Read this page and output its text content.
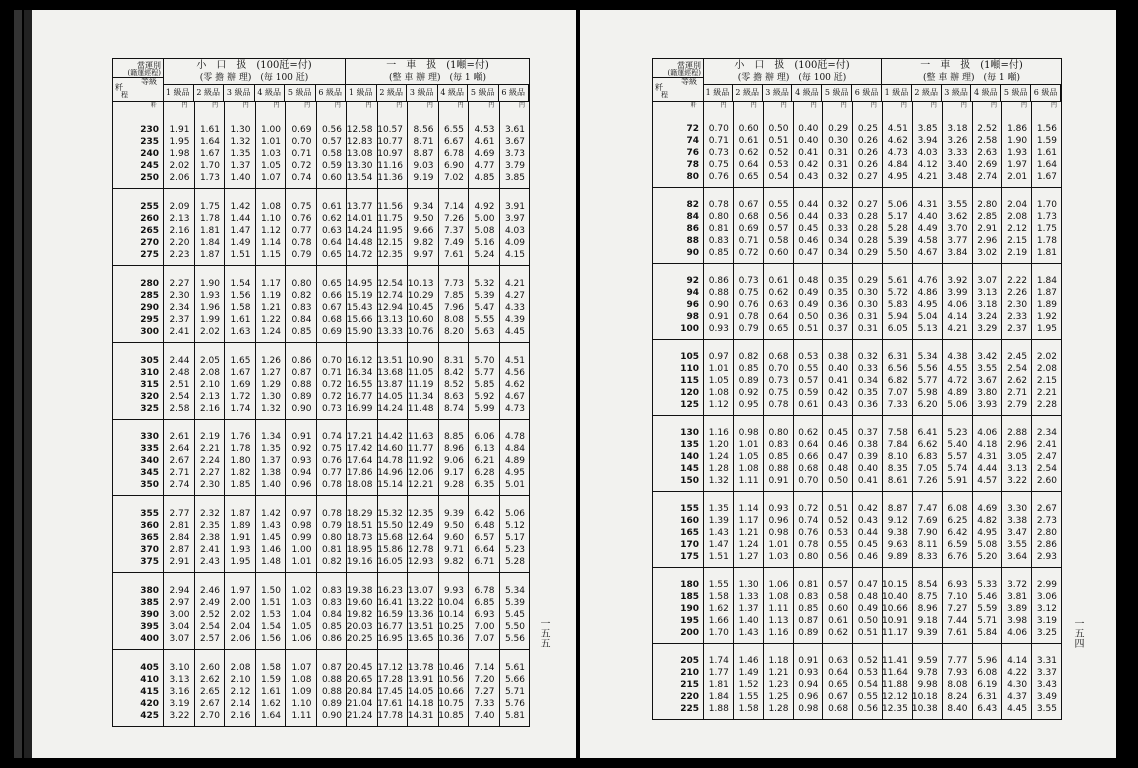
當運別
(籍運經程)
等級
粁
程
小　口　扱　(100瓩=付)
(零 擔 辦 理)　(毎 100 瓩)
一　車　扱　(1噸=付)
(整 車 辦 理)　(毎 1 噸)
1 級品 2 級品 3 級品 4 級品 5 級品 6 級品 1 級品 2 級品 3 級品 4 級品 5 級品 6 級品
粁	円	円	円	円	円	円	円	円	円	円	円	円
230	1.91	1.61	1.30	1.00	0.69	0.56 12.58 10.57	8.56	6.55	4.53	3.61
235	1.95	1.64	1.32	1.01	0.70	0.57 12.83 10.77	8.71	6.67	4.61	3.67
240	1.98	1.67	1.35	1.03	0.71	0.58 13.08 10.97	8.87	6.78	4.69	3.73
245	2.02	1.70	1.37	1.05	0.72	0.59 13.30 11.16	9.03	6.90	4.77	3.79
250	2.06	1.73	1.40	1.07	0.74	0.60 13.54 11.36	9.19	7.02	4.85	3.85
255	2.09	1.75	1.42	1.08	0.75	0.61 13.77 11.56	9.34	7.14	4.92	3.91
260	2.13	1.78	1.44	1.10	0.76	0.62 14.01 11.75	9.50	7.26	5.00	3.97
265	2.16	1.81	1.47	1.12	0.77	0.63 14.24 11.95	9.66	7.37	5.08	4.03
270	2.20	1.84	1.49	1.14	0.78	0.64 14.48 12.15	9.82	7.49	5.16	4.09
275	2.23	1.87	1.51	1.15	0.79	0.65 14.72 12.35	9.97	7.61	5.24	4.15
280	2.27	1.90	1.54	1.17	0.80	0.65 14.95 12.54 10.13	7.73	5.32	4.21
285	2.30	1.93	1.56	1.19	0.82	0.66 15.19 12.74 10.29	7.85	5.39	4.27
290	2.34	1.96	1.58	1.21	0.83	0.67 15.43 12.94 10.45	7.96	5.47	4.33
295	2.37	1.99	1.61	1.22	0.84	0.68 15.66 13.13 10.60	8.08	5.55	4.39
300	2.41	2.02	1.63	1.24	0.85	0.69 15.90 13.33 10.76	8.20	5.63	4.45
305	2.44	2.05	1.65	1.26	0.86	0.70 16.12 13.51 10.90	8.31	5.70	4.51
310	2.48	2.08	1.67	1.27	0.87	0.71 16.34 13.68 11.05	8.42	5.77	4.56
315	2.51	2.10	1.69	1.29	0.88	0.72 16.55 13.87 11.19	8.52	5.85	4.62
320	2.54	2.13	1.72	1.30	0.89	0.72 16.77 14.05 11.34	8.63	5.92	4.67
325	2.58	2.16	1.74	1.32	0.90	0.73 16.99 14.24 11.48	8.74	5.99	4.73
330	2.61	2.19	1.76	1.34	0.91	0.74 17.21 14.42 11.63	8.85	6.06	4.78
335	2.64	2.21	1.78	1.35	0.92	0.75 17.42 14.60 11.77	8.96	6.13	4.84
340	2.67	2.24	1.80	1.37	0.93	0.76 17.64 14.78 11.92	9.06	6.21	4.89
345	2.71	2.27	1.82	1.38	0.94	0.77 17.86 14.96 12.06	9.17	6.28	4.95
350	2.74	2.30	1.85	1.40	0.96	0.78 18.08 15.14 12.21	9.28	6.35	5.01
355	2.77	2.32	1.87	1.42	0.97	0.78 18.29 15.32 12.35	9.39	6.42	5.06
360	2.81	2.35	1.89	1.43	0.98	0.79 18.51 15.50 12.49	9.50	6.48	5.12
365	2.84	2.38	1.91	1.45	0.99	0.80 18.73 15.68 12.64	9.60	6.57	5.17
370	2.87	2.41	1.93	1.46	1.00	0.81 18.95 15.86 12.78	9.71	6.64	5.23
375	2.91	2.43	1.95	1.48	1.01	0.82 19.16 16.05 12.93	9.82	6.71	5.28
380	2.94	2.46	1.97	1.50	1.02	0.83 19.38 16.23 13.07	9.93	6.78	5.34
385	2.97	2.49	2.00	1.51	1.03	0.83 19.60 16.41 13.22 10.04	6.85	5.39
390	3.00	2.52	2.02	1.53	1.04	0.84 19.82 16.59 13.36 10.14	6.93	5.45
395	3.04	2.54	2.04	1.54	1.05	0.85 20.03 16.77 13.51 10.25	7.00	5.50
400	3.07	2.57	2.06	1.56	1.06	0.86 20.25 16.95 13.65 10.36	7.07	5.56
405	3.10	2.60	2.08	1.58	1.07	0.87 20.45 17.12 13.78 10.46	7.14	5.61
410	3.13	2.62	2.10	1.59	1.08	0.88 20.65 17.28 13.91 10.56	7.20	5.66
415	3.16	2.65	2.12	1.61	1.09	0.88 20.84 17.45 14.05 10.66	7.27	5.71
420	3.19	2.67	2.14	1.62	1.10	0.89 21.04 17.61 14.18 10.75	7.33	5.76
425	3.22	2.70	2.16	1.64	1.11	0.90 21.24 17.78 14.31 10.85	7.40	5.81
一五五
當運別
(籍運經程)
等級
粁
程
小　口　扱　(100瓩=付)
(零 擔 辦 理)　(毎 100 瓩)
一　車　扱　(1噸=付)
(整 車 辦 理)　(毎 1 噸)
1 級品 2 級品 3 級品 4 級品 5 級品 6 級品 1 級品 2 級品 3 級品 4 級品 5 級品 6 級品
粁	円	円	円	円	円	円	円	円	円	円	円	円
72	0.70	0.60	0.50	0.40	0.29	0.25	4.51	3.85	3.18	2.52	1.86	1.56
74	0.71	0.61	0.51	0.40	0.30	0.26	4.62	3.94	3.26	2.58	1.90	1.59
76	0.73	0.62	0.52	0.41	0.31	0.26	4.73	4.03	3.33	2.63	1.93	1.61
78	0.75	0.64	0.53	0.42	0.31	0.26	4.84	4.12	3.40	2.69	1.97	1.64
80	0.76	0.65	0.54	0.43	0.32	0.27	4.95	4.21	3.48	2.74	2.01	1.67
82	0.78	0.67	0.55	0.44	0.32	0.27	5.06	4.31	3.55	2.80	2.04	1.70
84	0.80	0.68	0.56	0.44	0.33	0.28	5.17	4.40	3.62	2.85	2.08	1.73
86	0.81	0.69	0.57	0.45	0.33	0.28	5.28	4.49	3.70	2.91	2.12	1.75
88	0.83	0.71	0.58	0.46	0.34	0.28	5.39	4.58	3.77	2.96	2.15	1.78
90	0.85	0.72	0.60	0.47	0.34	0.29	5.50	4.67	3.84	3.02	2.19	1.81
92	0.86	0.73	0.61	0.48	0.35	0.29	5.61	4.76	3.92	3.07	2.22	1.84
94	0.88	0.75	0.62	0.49	0.35	0.30	5.72	4.86	3.99	3.13	2.26	1.87
96	0.90	0.76	0.63	0.49	0.36	0.30	5.83	4.95	4.06	3.18	2.30	1.89
98	0.91	0.78	0.64	0.50	0.36	0.31	5.94	5.04	4.14	3.24	2.33	1.92
100	0.93	0.79	0.65	0.51	0.37	0.31	6.05	5.13	4.21	3.29	2.37	1.95
105	0.97	0.82	0.68	0.53	0.38	0.32	6.31	5.34	4.38	3.42	2.45	2.02
110	1.01	0.85	0.70	0.55	0.40	0.33	6.56	5.56	4.55	3.55	2.54	2.08
115	1.05	0.89	0.73	0.57	0.41	0.34	6.82	5.77	4.72	3.67	2.62	2.15
120	1.08	0.92	0.75	0.59	0.42	0.35	7.07	5.98	4.89	3.80	2.71	2.21
125	1.12	0.95	0.78	0.61	0.43	0.36	7.33	6.20	5.06	3.93	2.79	2.28
130	1.16	0.98	0.80	0.62	0.45	0.37	7.58	6.41	5.23	4.06	2.88	2.34
135	1.20	1.01	0.83	0.64	0.46	0.38	7.84	6.62	5.40	4.18	2.96	2.41
140	1.24	1.05	0.85	0.66	0.47	0.39	8.10	6.83	5.57	4.31	3.05	2.47
145	1.28	1.08	0.88	0.68	0.48	0.40	8.35	7.05	5.74	4.44	3.13	2.54
150	1.32	1.11	0.91	0.70	0.50	0.41	8.61	7.26	5.91	4.57	3.22	2.60
155	1.35	1.14	0.93	0.72	0.51	0.42	8.87	7.47	6.08	4.69	3.30	2.67
160	1.39	1.17	0.96	0.74	0.52	0.43	9.12	7.69	6.25	4.82	3.38	2.73
165	1.43	1.21	0.98	0.76	0.53	0.44	9.38	7.90	6.42	4.95	3.47	2.80
170	1.47	1.24	1.01	0.78	0.55	0.45	9.63	8.11	6.59	5.08	3.55	2.86
175	1.51	1.27	1.03	0.80	0.56	0.46	9.89	8.33	6.76	5.20	3.64	2.93
180	1.55	1.30	1.06	0.81	0.57	0.47 10.15	8.54	6.93	5.33	3.72	2.99
185	1.58	1.33	1.08	0.83	0.58	0.48 10.40	8.75	7.10	5.46	3.81	3.06
190	1.62	1.37	1.11	0.85	0.60	0.49 10.66	8.96	7.27	5.59	3.89	3.12
195	1.66	1.40	1.13	0.87	0.61	0.50 10.91	9.18	7.44	5.71	3.98	3.19
200	1.70	1.43	1.16	0.89	0.62	0.51 11.17	9.39	7.61	5.84	4.06	3.25
205	1.74	1.46	1.18	0.91	0.63	0.52 11.41	9.59	7.77	5.96	4.14	3.31
210	1.77	1.49	1.21	0.93	0.64	0.53 11.64	9.78	7.93	6.08	4.22	3.37
215	1.81	1.52	1.23	0.94	0.65	0.54 11.88	9.98	8.08	6.19	4.30	3.43
220	1.84	1.55	1.25	0.96	0.67	0.55 12.12 10.18	8.24	6.31	4.37	3.49
225	1.88	1.58	1.28	0.98	0.68	0.56 12.35 10.38	8.40	6.43	4.45	3.55
一五四
